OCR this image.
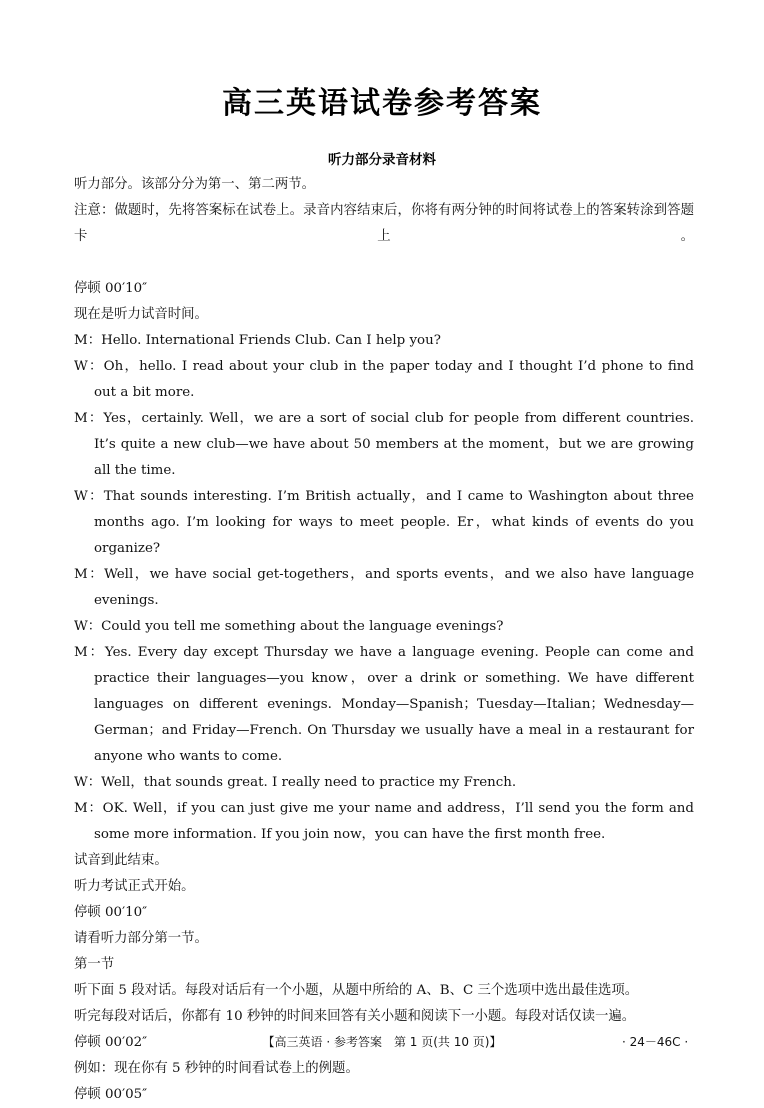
高三英语试卷参考答案
听力部分录音材料
听力部分。该部分分为第一、第二两节。
注意：做题时，先将答案标在试卷上。录音内容结束后，你将有两分钟的时间将试卷上的答案转涂到答题卡上。
停顿 00′10″
现在是听力试音时间。
M：Hello. International Friends Club. Can I help you?
W：Oh，hello. I read about your club in the paper today and I thought I’d phone to find out a bit more.
M：Yes，certainly. Well，we are a sort of social club for people from different countries. It’s quite a new club—we have about 50 members at the moment，but we are growing all the time.
W：That sounds interesting. I’m British actually，and I came to Washington about three months ago. I’m looking for ways to meet people. Er，what kinds of events do you organize?
M：Well，we have social get-togethers，and sports events，and we also have language evenings.
W：Could you tell me something about the language evenings?
M：Yes. Every day except Thursday we have a language evening. People can come and practice their languages—you know，over a drink or something. We have different languages on different evenings. Monday—Spanish；Tuesday—Italian；Wednesday—German；and Friday—French. On Thursday we usually have a meal in a restaurant for anyone who wants to come.
W：Well，that sounds great. I really need to practice my French.
M：OK. Well，if you can just give me your name and address，I’ll send you the form and some more information. If you join now，you can have the first month free.
试音到此结束。
听力考试正式开始。
停顿 00′10″
请看听力部分第一节。
第一节
听下面 5 段对话。每段对话后有一个小题，从题中所给的 A、B、C 三个选项中选出最佳选项。
听完每段对话后，你都有 10 秒钟的时间来回答有关小题和阅读下一小题。每段对话仅读一遍。
停顿 00′02″
例如：现在你有 5 秒钟的时间看试卷上的例题。
停顿 00′05″
【高三英语 · 参考答案　第 1 页(共 10 页)】	· 24－46C ·
